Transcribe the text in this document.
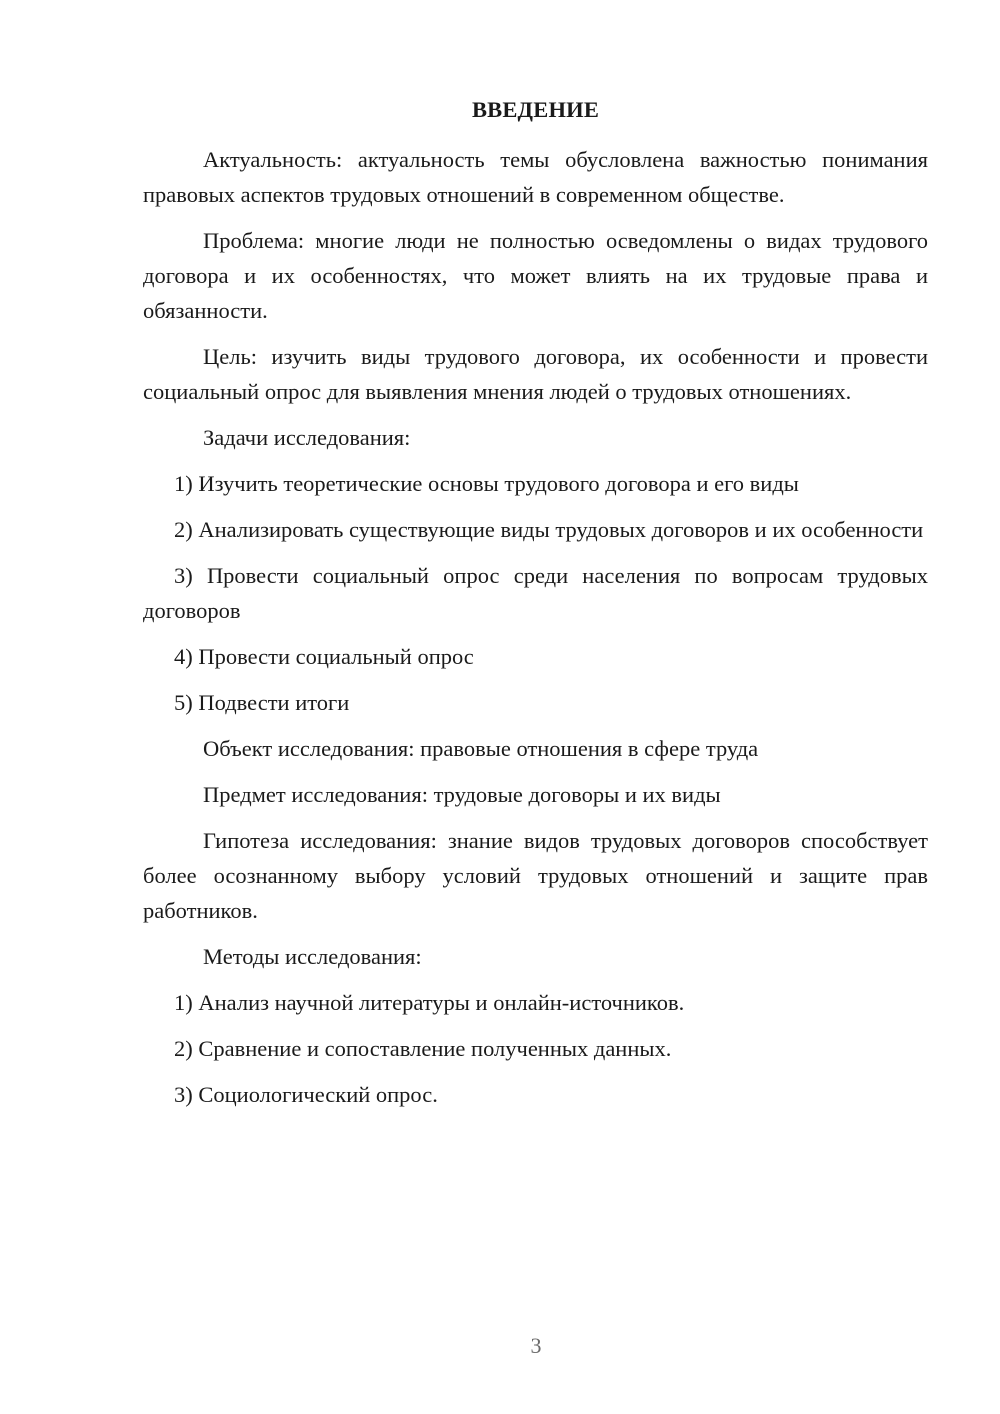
ВВЕДЕНИЕ

Актуальность: актуальность темы обусловлена важностью понимания правовых аспектов трудовых отношений в современном обществе.

Проблема: многие люди не полностью осведомлены о видах трудового договора и их особенностях, что может влиять на их трудовые права и обязанности.

Цель: изучить виды трудового договора, их особенности и провести социальный опрос для выявления мнения людей о трудовых отношениях.

Задачи исследования:

1) Изучить теоретические основы трудового договора и его виды

2) Анализировать существующие виды трудовых договоров и их особенности

3) Провести социальный опрос среди населения по вопросам трудовых договоров

4) Провести социальный опрос

5) Подвести итоги

Объект исследования: правовые отношения в сфере труда

Предмет исследования: трудовые договоры и их виды

Гипотеза исследования: знание видов трудовых договоров способствует более осознанному выбору условий трудовых отношений и защите прав работников.

Методы исследования:

1) Анализ научной литературы и онлайн-источников.

2) Сравнение и сопоставление полученных данных.

3) Социологический опрос.

3
